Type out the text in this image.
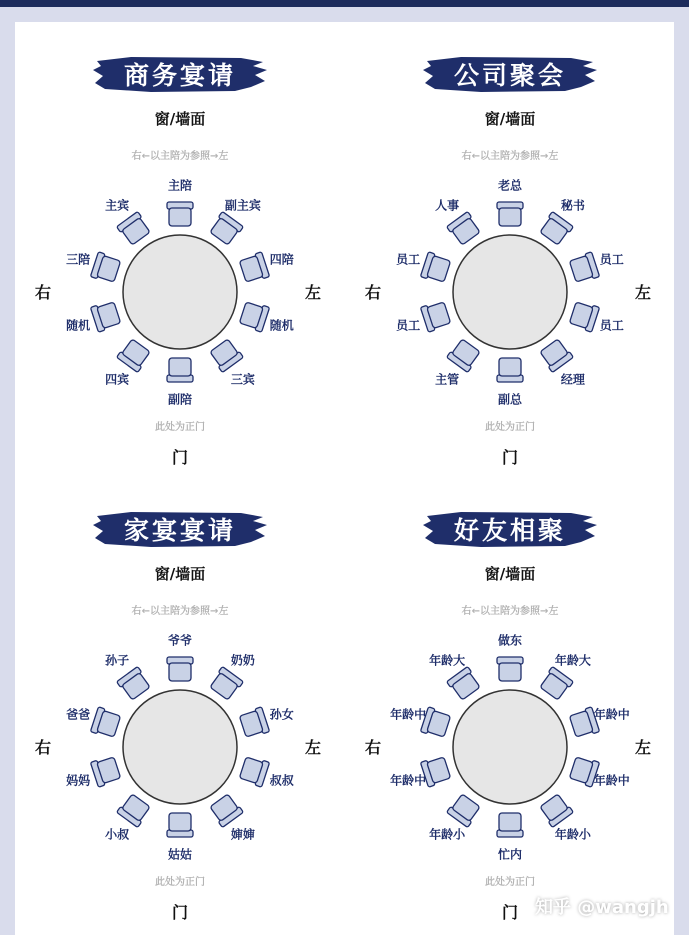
商务宴请
窗/墙面
右←以主陪为参照→左
右	左
此处为正门
门
主陪
副主宾
四陪
随机
三宾
副陪
四宾
随机
三陪
主宾
公司聚会
窗/墙面
右←以主陪为参照→左
右	左
此处为正门
门
老总
秘书
员工
员工
经理
副总
主管
员工
员工
人事
家宴宴请
窗/墙面
右←以主陪为参照→左
右	左
此处为正门
门
爷爷
奶奶
孙女
叔叔
婶婶
姑姑
小叔
妈妈
爸爸
孙子
好友相聚
窗/墙面
右←以主陪为参照→左
右	左
此处为正门
门
做东
年龄大
年龄中
年龄中
年龄小
忙内
年龄小
年龄中
年龄中
年龄大
知乎 @wangjh
